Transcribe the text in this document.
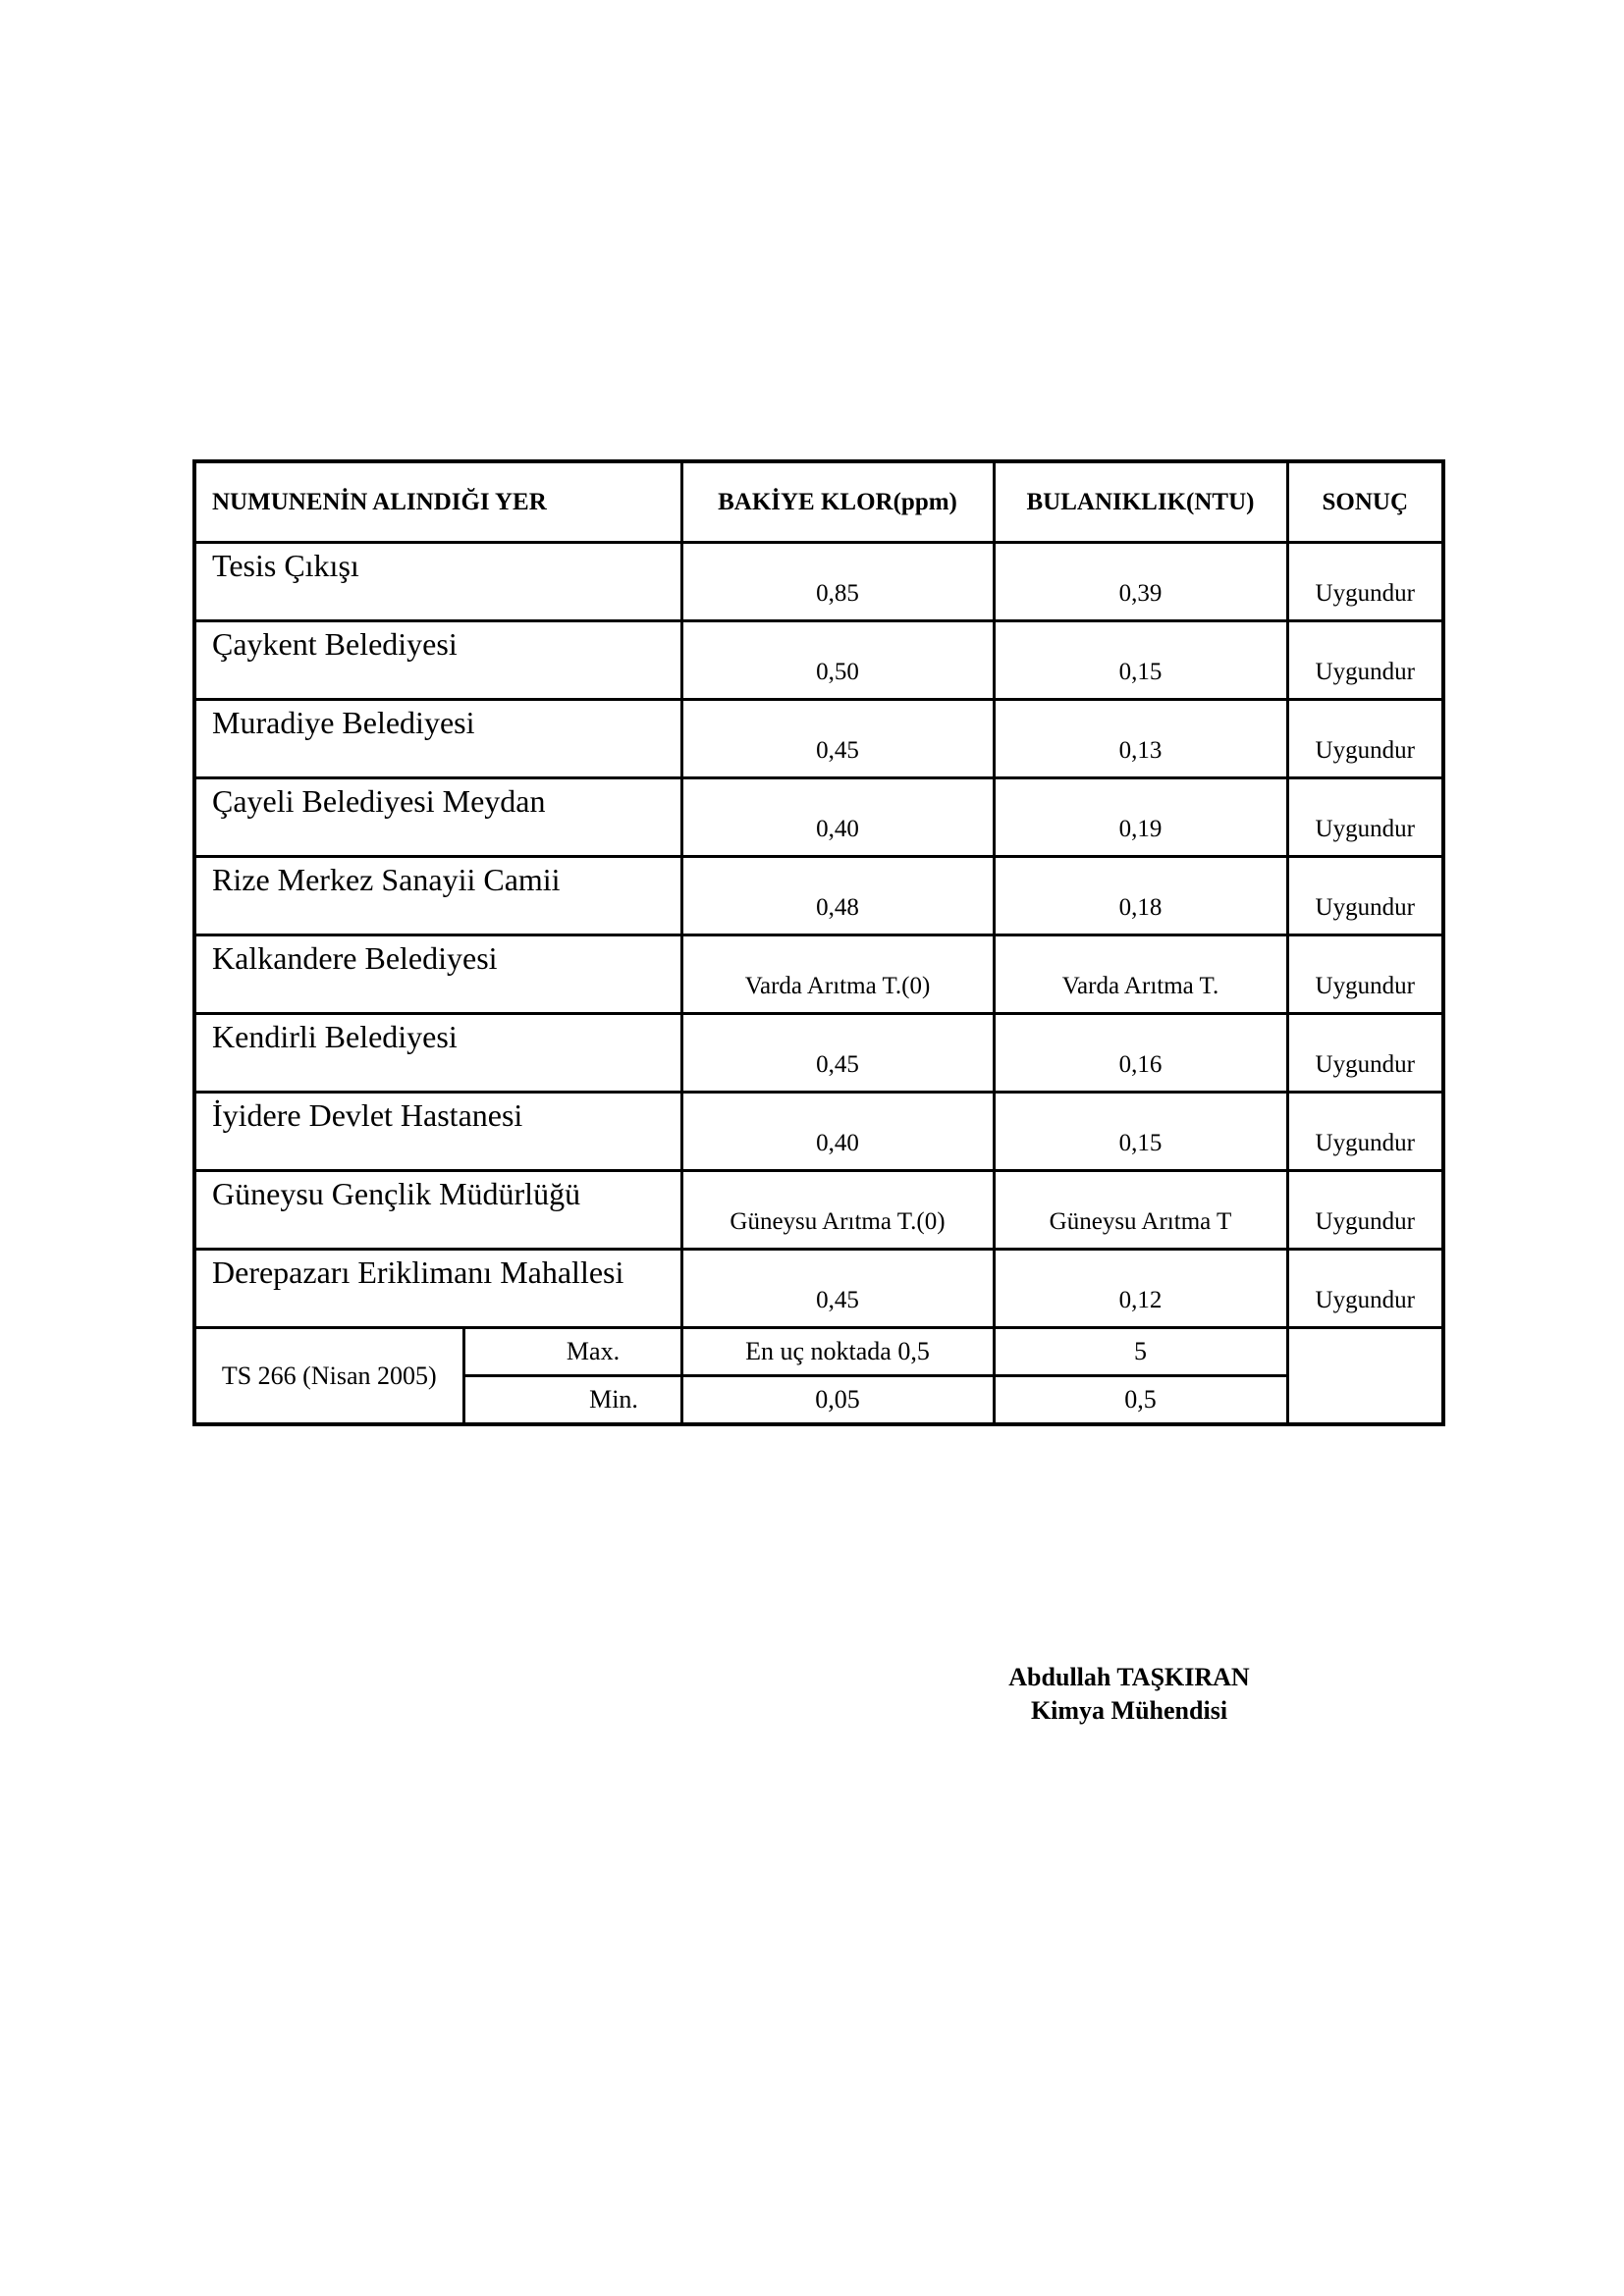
NUMUNENİN ALINDIĞI YER		BAKİYE KLOR(ppm)	BULANIKLIK(NTU)	SONUÇ
Tesis Çıkışı		0,85	0,39	Uygundur
Çaykent Belediyesi		0,50	0,15	Uygundur
Muradiye Belediyesi		0,45	0,13	Uygundur
Çayeli Belediyesi Meydan		0,40	0,19	Uygundur
Rize Merkez Sanayii Camii		0,48	0,18	Uygundur
Kalkandere Belediyesi		Varda Arıtma T.(0)	Varda Arıtma T.	Uygundur
Kendirli Belediyesi		0,45	0,16	Uygundur
İyidere Devlet Hastanesi		0,40	0,15	Uygundur
Güneysu Gençlik Müdürlüğü		Güneysu Arıtma T.(0)	Güneysu Arıtma T	Uygundur
Derepazarı Eriklimanı Mahallesi		0,45	0,12	Uygundur
TS 266 (Nisan 2005)	Max.	En uç noktada 0,5	5	
	Min.	0,05	0,5	
Abdullah TAŞKIRAN
Kimya Mühendisi
